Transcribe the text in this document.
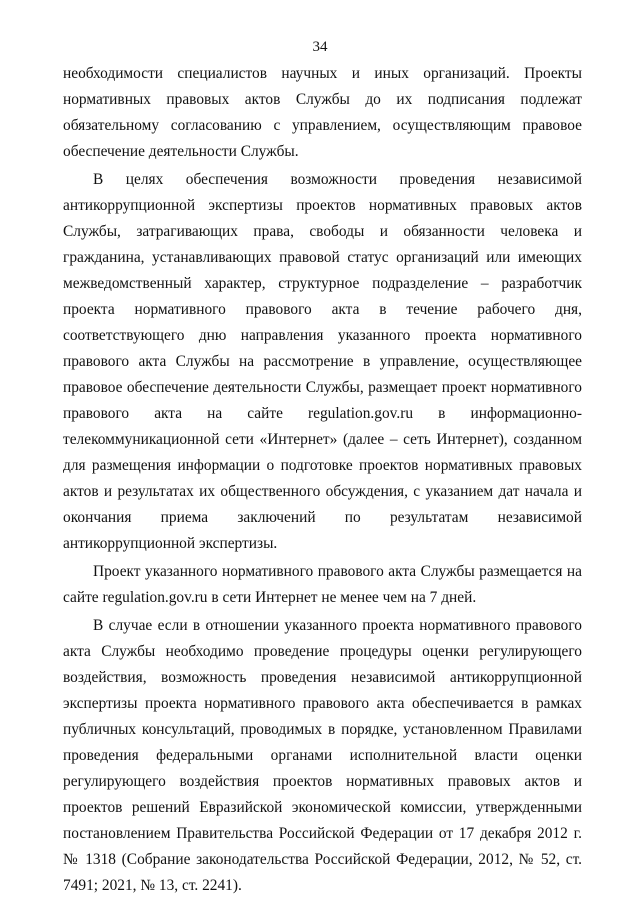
34

необходимости специалистов научных и иных организаций. Проекты нормативных правовых актов Службы до их подписания подлежат обязательному согласованию с управлением, осуществляющим правовое обеспечение деятельности Службы.

В целях обеспечения возможности проведения независимой антикоррупционной экспертизы проектов нормативных правовых актов Службы, затрагивающих права, свободы и обязанности человека и гражданина, устанавливающих правовой статус организаций или имеющих межведомственный характер, структурное подразделение – разработчик проекта нормативного правового акта в течение рабочего дня, соответствующего дню направления указанного проекта нормативного правового акта Службы на рассмотрение в управление, осуществляющее правовое обеспечение деятельности Службы, размещает проект нормативного правового акта на сайте regulation.gov.ru в информационно-телекоммуникационной сети «Интернет» (далее – сеть Интернет), созданном для размещения информации о подготовке проектов нормативных правовых актов и результатах их общественного обсуждения, с указанием дат начала и окончания приема заключений по результатам независимой антикоррупционной экспертизы.

Проект указанного нормативного правового акта Службы размещается на сайте regulation.gov.ru в сети Интернет не менее чем на 7 дней.

В случае если в отношении указанного проекта нормативного правового акта Службы необходимо проведение процедуры оценки регулирующего воздействия, возможность проведения независимой антикоррупционной экспертизы проекта нормативного правового акта обеспечивается в рамках публичных консультаций, проводимых в порядке, установленном Правилами проведения федеральными органами исполнительной власти оценки регулирующего воздействия проектов нормативных правовых актов и проектов решений Евразийской экономической комиссии, утвержденными постановлением Правительства Российской Федерации от 17 декабря 2012 г. № 1318 (Собрание законодательства Российской Федерации, 2012, № 52, ст. 7491; 2021, № 13, ст. 2241).
